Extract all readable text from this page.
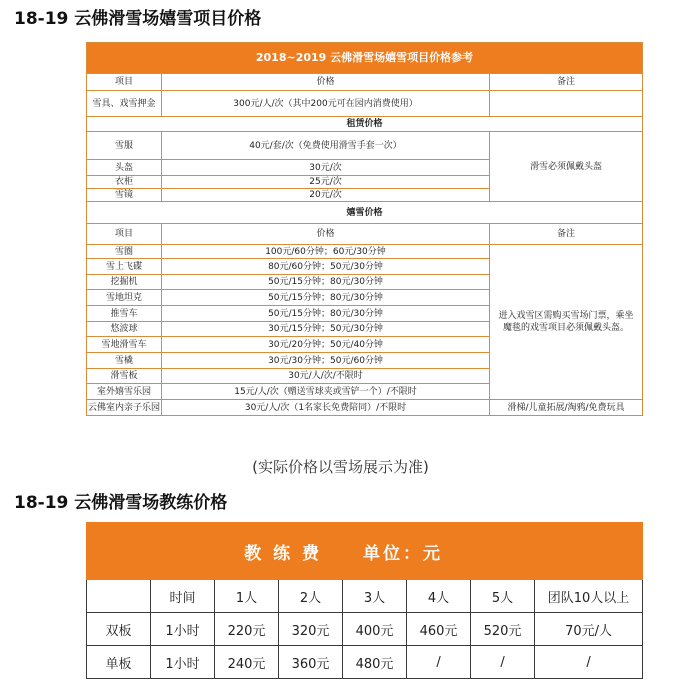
18-19 云佛滑雪场嬉雪项目价格
2018~2019 云佛滑雪场嬉雪项目价格参考		
项目	价格	备注
雪具、戏雪押金	300元/人/次（其中200元可在园内消费使用）	
租赁价格		
雪服	40元/套/次（免费使用滑雪手套一次）	滑雪必须佩戴头盔
头盔	30元/次	
衣柜	25元/次	
雪镜	20元/次	
嬉雪价格		
项目	价格	备注
雪圈	100元/60分钟；60元/30分钟	进入戏雪区需购买雪场门票，乘坐魔毯的戏雪项目必须佩戴头盔。
雪上飞碟	80元/60分钟；50元/30分钟	
挖掘机	50元/15分钟；80元/30分钟	
雪地坦克	50元/15分钟；80元/30分钟	
推雪车	50元/15分钟；80元/30分钟	
悠波球	30元/15分钟；50元/30分钟	
雪地滑雪车	30元/20分钟；50元/40分钟	
雪橇	30元/30分钟；50元/60分钟	
滑雪板	30元/人/次/不限时	
室外嬉雪乐园	15元/人/次（赠送雪球夹或雪铲一个）/不限时	
云佛室内亲子乐园	30元/人/次（1名家长免费陪同）/不限时	滑梯/儿童拓展/淘鸦/免费玩具
(实际价格以雪场展示为准)
18-19 云佛滑雪场教练价格
教 练 费				单位：元			
	时间	1人	2人	3人	4人	5人	团队10人以上
双板	1小时	220元	320元	400元	460元	520元	70元/人
单板	1小时	240元	360元	480元	/	/	/
